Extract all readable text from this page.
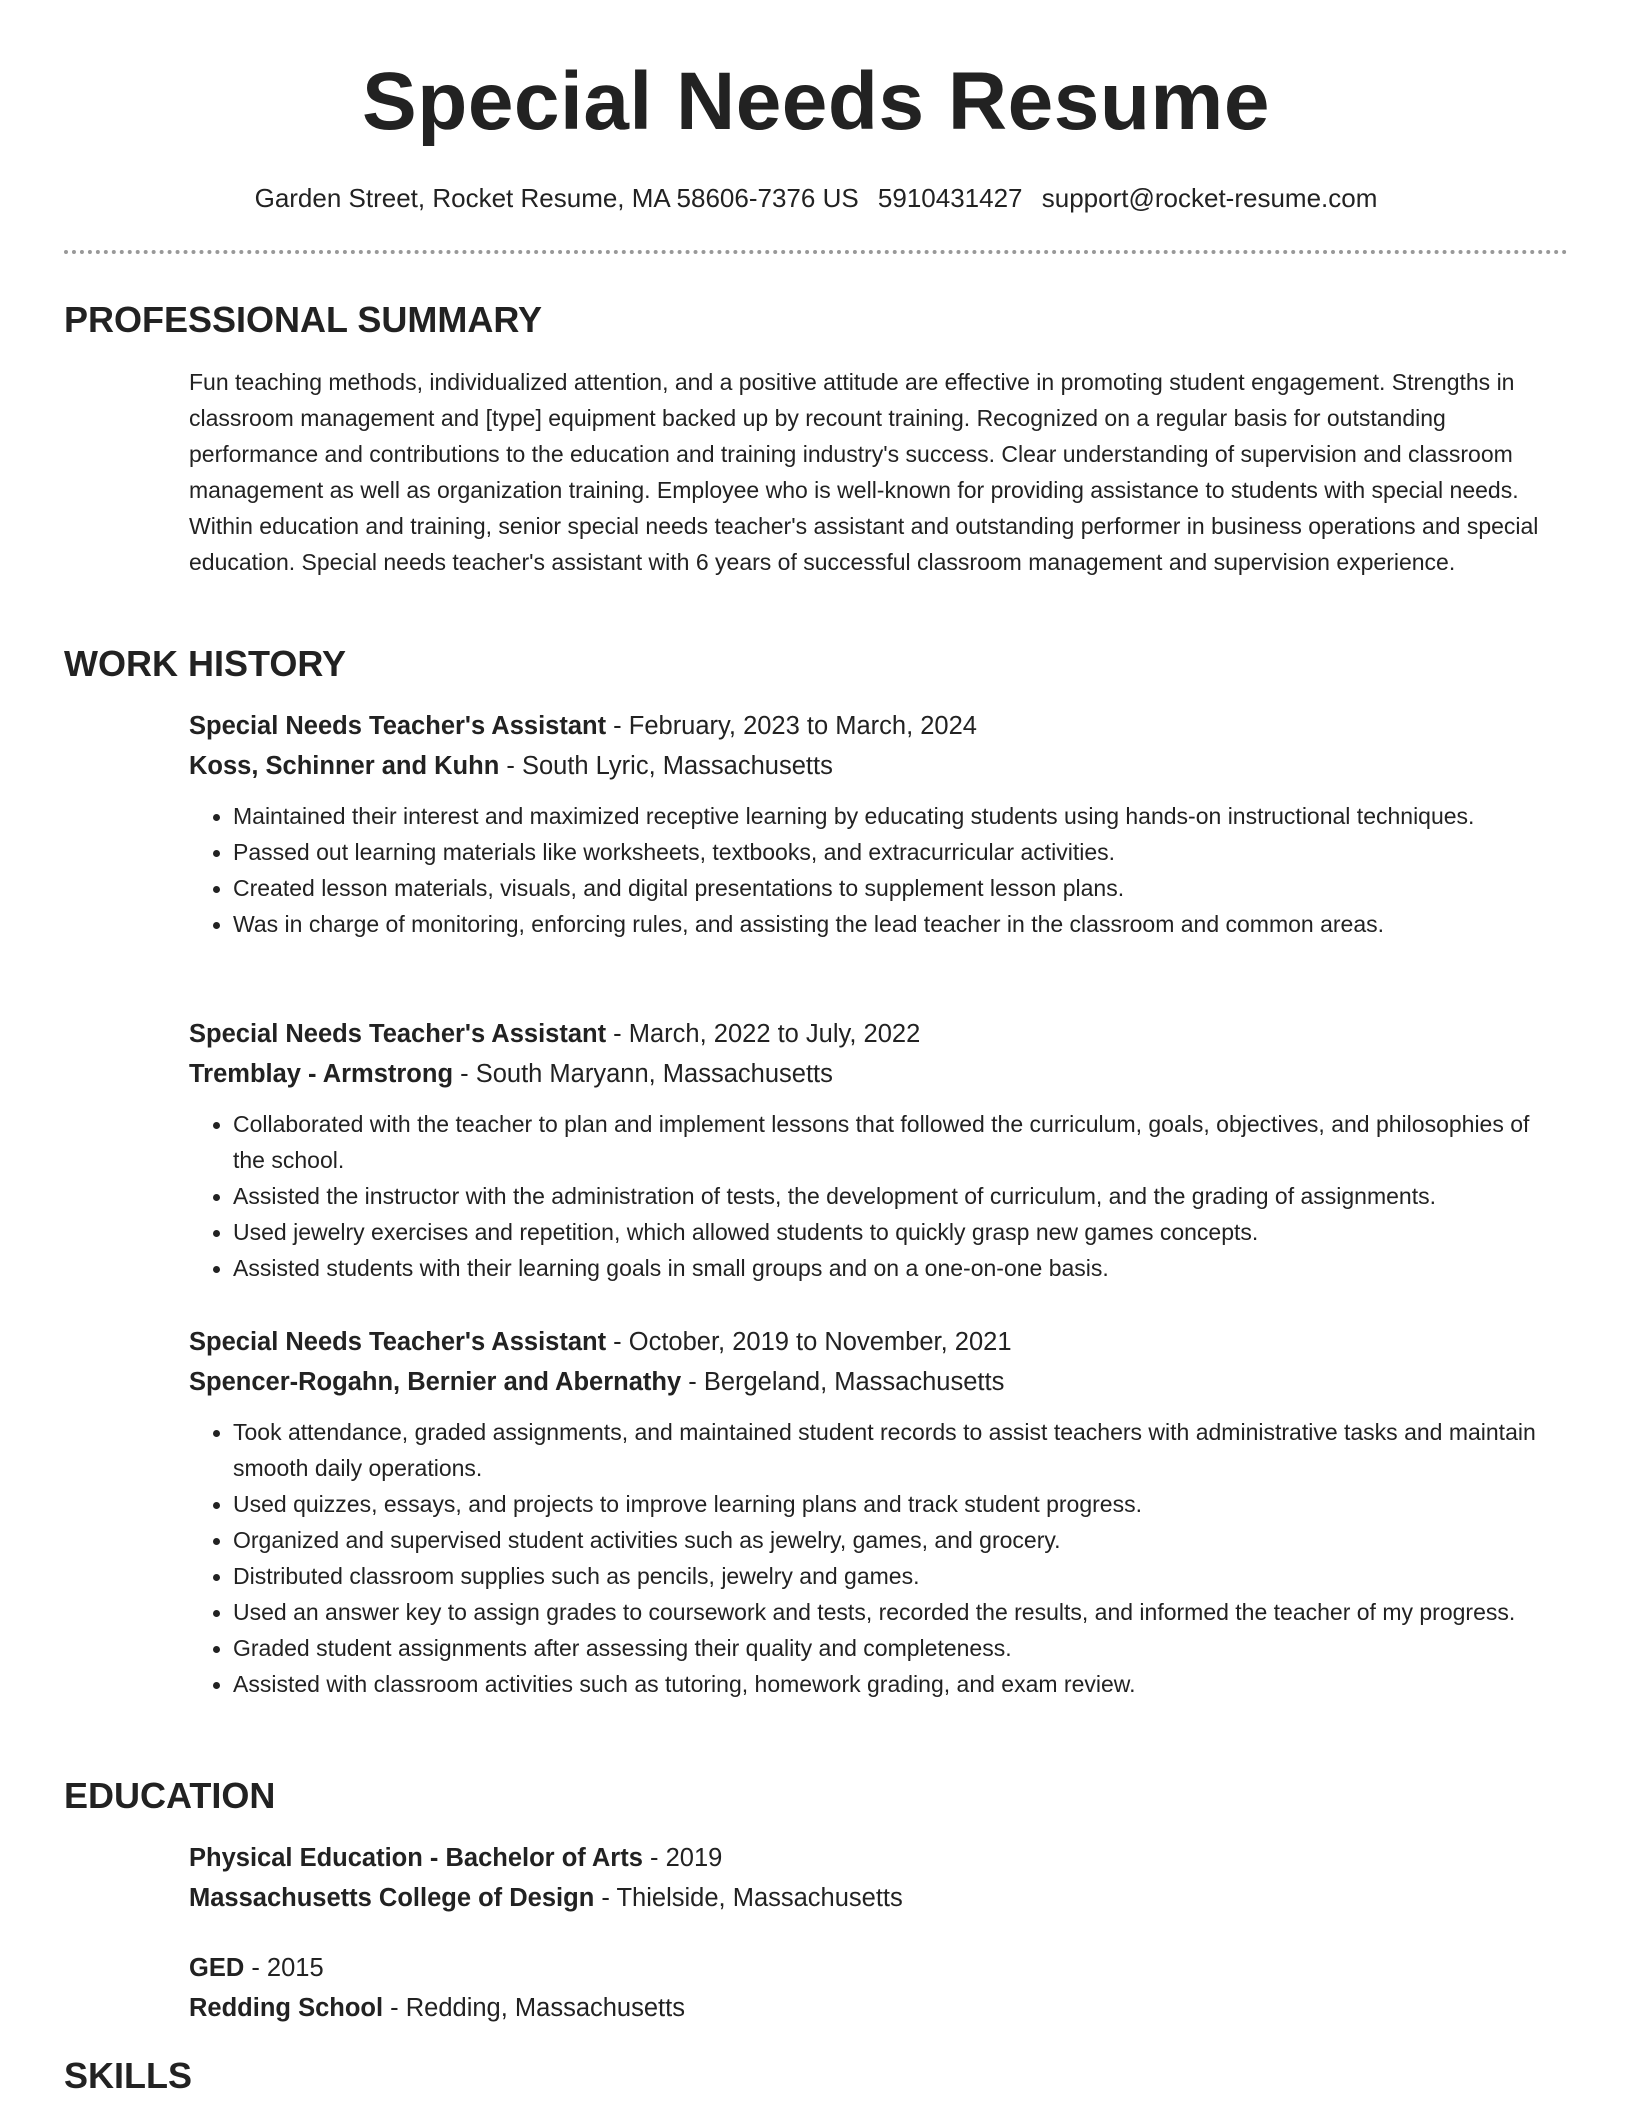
Special Needs Resume
Garden Street, Rocket Resume, MA 58606-7376 US 5910431427 support@rocket-resume.com
PROFESSIONAL SUMMARY

Fun teaching methods, individualized attention, and a positive attitude are effective in promoting student engagement. Strengths in classroom management and [type] equipment backed up by recount training. Recognized on a regular basis for outstanding performance and contributions to the education and training industry's success. Clear understanding of supervision and classroom management as well as organization training. Employee who is well-known for providing assistance to students with special needs. Within education and training, senior special needs teacher's assistant and outstanding performer in business operations and special education. Special needs teacher's assistant with 6 years of successful classroom management and supervision experience.

WORK HISTORY

Special Needs Teacher's Assistant - February, 2023 to March, 2024

Koss, Schinner and Kuhn - South Lyric, Massachusetts

• Maintained their interest and maximized receptive learning by educating students using hands-on instructional techniques.
• Passed out learning materials like worksheets, textbooks, and extracurricular activities.
• Created lesson materials, visuals, and digital presentations to supplement lesson plans.
• Was in charge of monitoring, enforcing rules, and assisting the lead teacher in the classroom and common areas.

Special Needs Teacher's Assistant - March, 2022 to July, 2022

Tremblay - Armstrong - South Maryann, Massachusetts

• Collaborated with the teacher to plan and implement lessons that followed the curriculum, goals, objectives, and philosophies of the school.
• Assisted the instructor with the administration of tests, the development of curriculum, and the grading of assignments.
• Used jewelry exercises and repetition, which allowed students to quickly grasp new games concepts.
• Assisted students with their learning goals in small groups and on a one-on-one basis.

Special Needs Teacher's Assistant - October, 2019 to November, 2021

Spencer-Rogahn, Bernier and Abernathy - Bergeland, Massachusetts

• Took attendance, graded assignments, and maintained student records to assist teachers with administrative tasks and maintain smooth daily operations.
• Used quizzes, essays, and projects to improve learning plans and track student progress.
• Organized and supervised student activities such as jewelry, games, and grocery.
• Distributed classroom supplies such as pencils, jewelry and games.
• Used an answer key to assign grades to coursework and tests, recorded the results, and informed the teacher of my progress.
• Graded student assignments after assessing their quality and completeness.
• Assisted with classroom activities such as tutoring, homework grading, and exam review.
EDUCATION

Physical Education - Bachelor of Arts - 2019

Massachusetts College of Design - Thielside, Massachusetts

GED - 2015

Redding School - Redding, Massachusetts

SKILLS
